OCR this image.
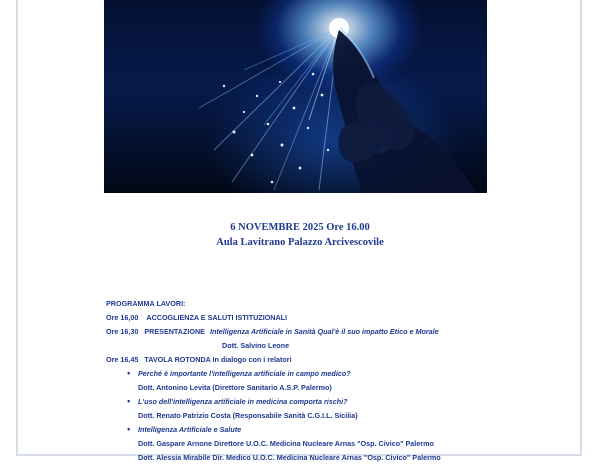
6 NOVEMBRE 2025 Ore 16.00
Aula Lavitrano Palazzo Arcivescovile
PROGRAMMA LAVORI:
Ore 16,00 ACCOGLIENZA E SALUTI ISTITUZIONALI
Ore 16,30 PRESENTAZIONE Intelligenza Artificiale in Sanità Qual'è il suo impatto Etico e Morale
Dott. Salvino Leone
Ore 16,45 TAVOLA ROTONDA In dialogo con i relatori
• Perché è importante l'intelligenza artificiale in campo medico?
Dott. Antonino Levita (Direttore Sanitario A.S.P. Palermo)
• L'uso dell'intelligenza artificiale in medicina comporta rischi?
Dott. Renato Patrizio Costa (Responsabile Sanità C.G.I.L. Sicilia)
• Intelligenza Artificiale e Salute
Dott. Gaspare Arnone Direttore U.O.C. Medicina Nucleare Arnas "Osp. Civico" Palermo
Dott. Alessia Mirabile Dir. Medico U.O.C. Medicina Nucleare Arnas "Osp. Civico" Palermo
